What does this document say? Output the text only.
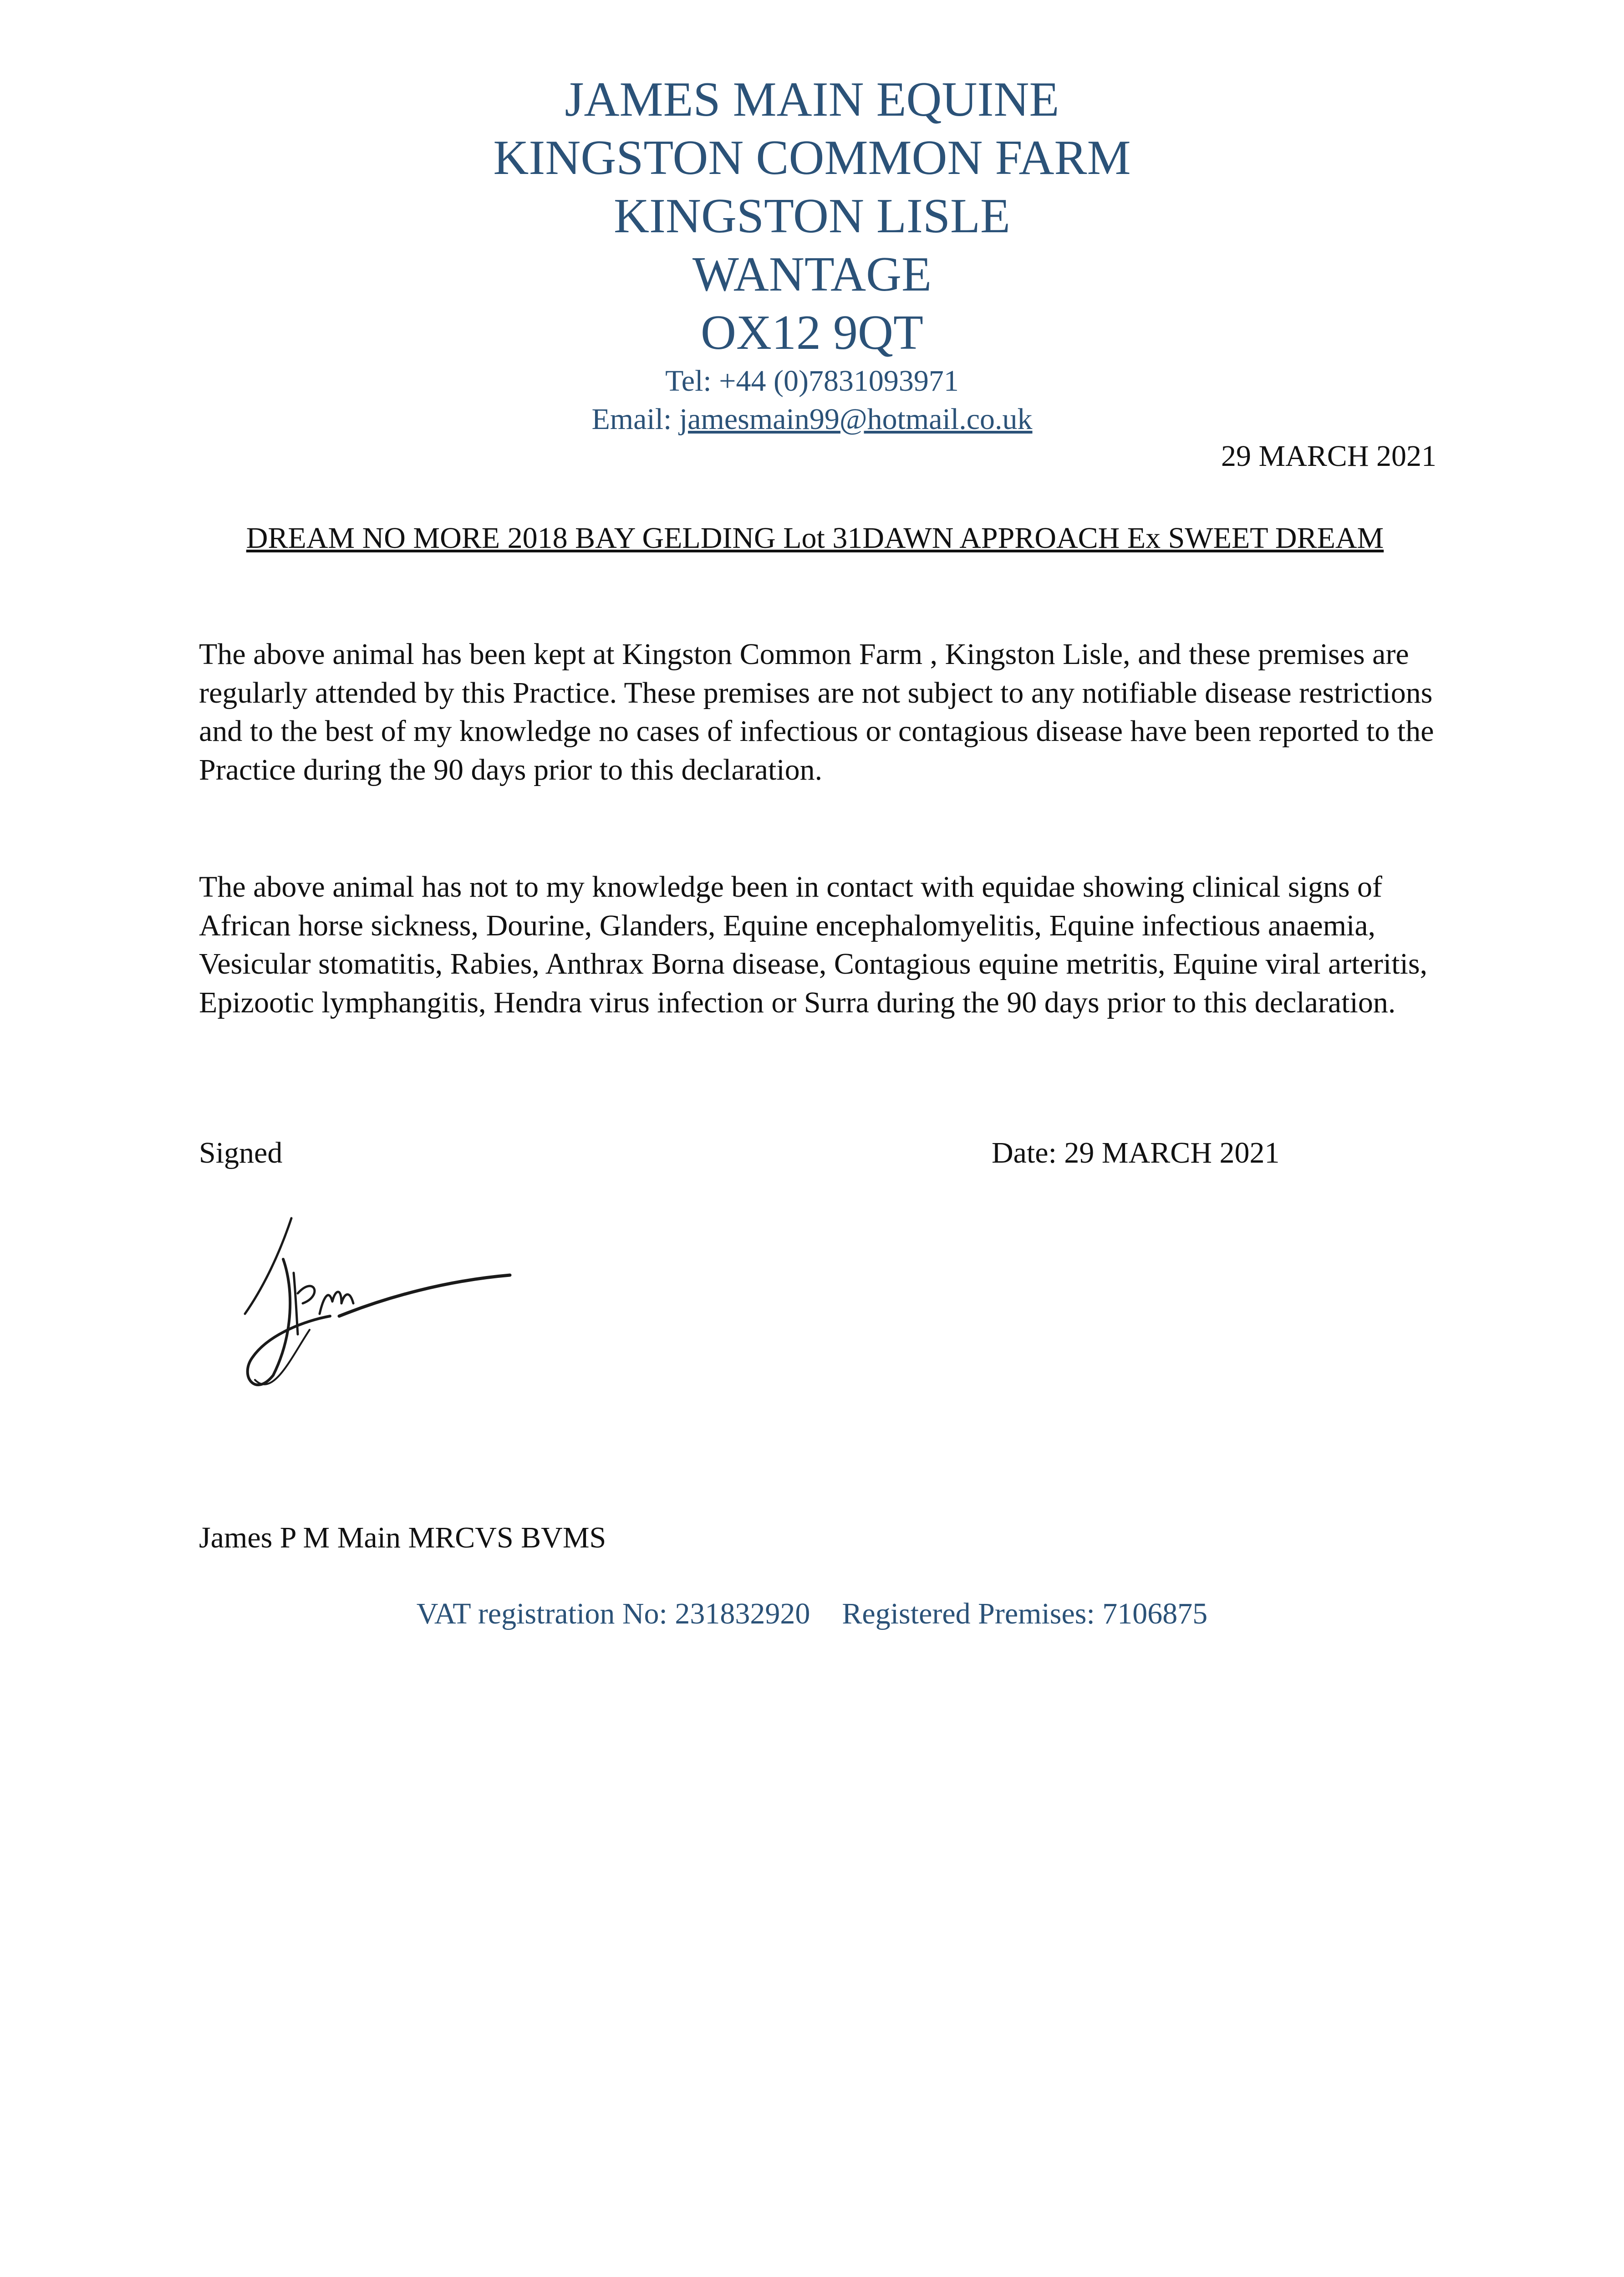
JAMES MAIN EQUINE
KINGSTON COMMON FARM
KINGSTON LISLE
WANTAGE
OX12 9QT
Tel: +44 (0)7831093971
Email: jamesmain99@hotmail.co.uk
29 MARCH 2021
DREAM NO MORE 2018 BAY GELDING Lot 31DAWN APPROACH Ex SWEET DREAM
The above animal has been kept at Kingston Common Farm , Kingston Lisle, and these premises are regularly attended by this Practice. These premises are not subject to any notifiable disease restrictions and to the best of my knowledge no cases of infectious or contagious disease have been reported to the Practice during the 90 days prior to this declaration.
The above animal has not to my knowledge been in contact with equidae showing clinical signs of African horse sickness, Dourine, Glanders, Equine encephalomyelitis, Equine infectious anaemia, Vesicular stomatitis, Rabies, Anthrax Borna disease, Contagious equine metritis, Equine viral arteritis, Epizootic lymphangitis, Hendra virus infection or Surra during the 90 days prior to this declaration.
Signed	Date: 29 MARCH 2021
James P M Main MRCVS BVMS
VAT registration No: 231832920 Registered Premises: 7106875
